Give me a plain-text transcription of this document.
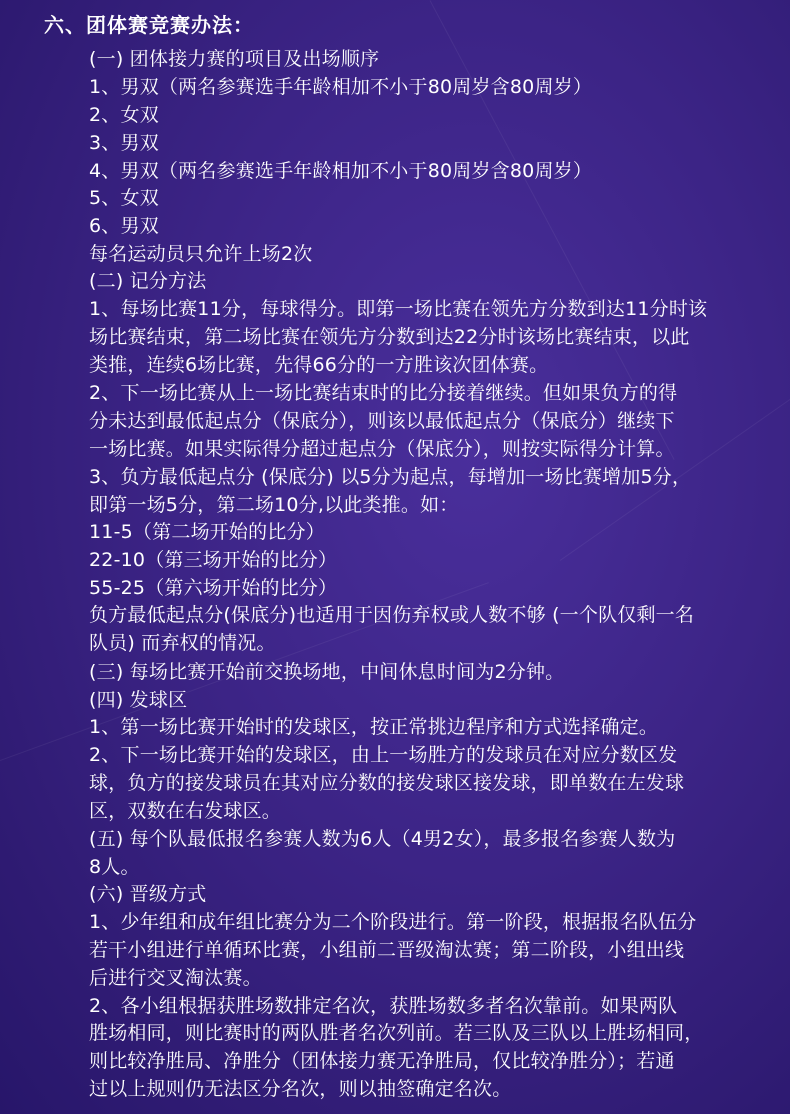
六、团体赛竞赛办法：
(一) 团体接力赛的项目及出场顺序
1、男双（两名参赛选手年龄相加不小于80周岁含80周岁）
2、女双
3、男双
4、男双（两名参赛选手年龄相加不小于80周岁含80周岁）
5、女双
6、男双
每名运动员只允许上场2次
(二) 记分方法
1、每场比赛11分，每球得分。即第一场比赛在领先方分数到达11分时该
场比赛结束，第二场比赛在领先方分数到达22分时该场比赛结束，以此
类推，连续6场比赛，先得66分的一方胜该次团体赛。
2、下一场比赛从上一场比赛结束时的比分接着继续。但如果负方的得
分未达到最低起点分（保底分），则该以最低起点分（保底分）继续下
一场比赛。如果实际得分超过起点分（保底分），则按实际得分计算。
3、负方最低起点分 (保底分) 以5分为起点，每增加一场比赛增加5分，
即第一场5分，第二场10分,以此类推。如：
11-5（第二场开始的比分）
22-10（第三场开始的比分）
55-25（第六场开始的比分）
负方最低起点分(保底分)也适用于因伤弃权或人数不够 (一个队仅剩一名
队员) 而弃权的情况。
(三) 每场比赛开始前交换场地，中间休息时间为2分钟。
(四) 发球区
1、第一场比赛开始时的发球区，按正常挑边程序和方式选择确定。
2、下一场比赛开始的发球区，由上一场胜方的发球员在对应分数区发
球，负方的接发球员在其对应分数的接发球区接发球，即单数在左发球
区，双数在右发球区。
(五) 每个队最低报名参赛人数为6人（4男2女），最多报名参赛人数为
8人。
(六) 晋级方式
1、少年组和成年组比赛分为二个阶段进行。第一阶段，根据报名队伍分
若干小组进行单循环比赛，小组前二晋级淘汰赛；第二阶段，小组出线
后进行交叉淘汰赛。
2、各小组根据获胜场数排定名次，获胜场数多者名次靠前。如果两队
胜场相同，则比赛时的两队胜者名次列前。若三队及三队以上胜场相同，
则比较净胜局、净胜分（团体接力赛无净胜局，仅比较净胜分）；若通
过以上规则仍无法区分名次，则以抽签确定名次。
